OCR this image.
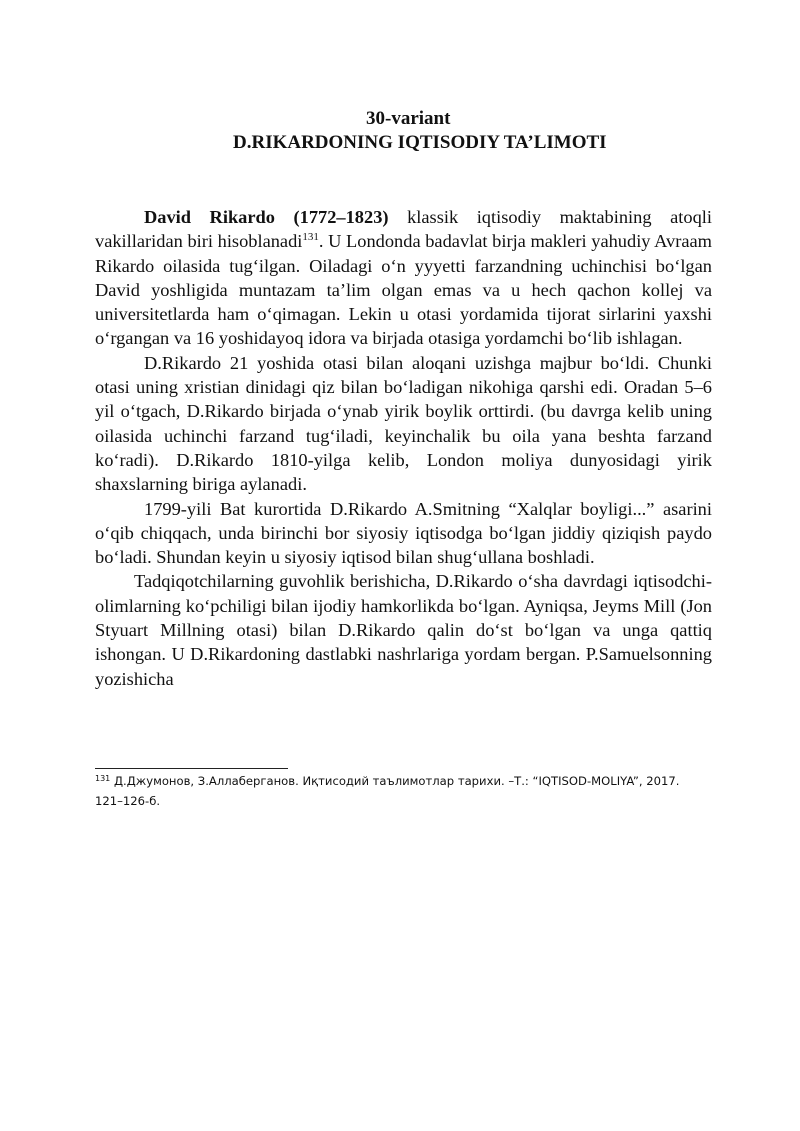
30-variant
D.RIKARDONING IQTISODIY TA’LIMOTI

David Rikardo (1772–1823) klassik iqtisodiy maktabining atoqli vakillaridan biri hisoblanadi$^{131}$. U Londonda badavlat birja makleri yahudiy Avraam Rikardo oilasida tug‘ilgan. Oiladagi o‘n yyyetti farzandning uchinchisi bo‘lgan David yoshligida muntazam ta’lim olgan emas va u hech qachon kollej va universitetlarda ham o‘qimagan. Lekin u otasi yordamida tijorat sirlarini yaxshi o‘rgangan va 16 yoshidayoq idora va birjada otasiga yordamchi bo‘lib ishlagan.

D.Rikardo 21 yoshida otasi bilan aloqani uzishga majbur bo‘ldi. Chunki otasi uning xristian dinidagi qiz bilan bo‘ladigan nikohiga qarshi edi. Oradan 5–6 yil o‘tgach, D.Rikardo birjada o‘ynab yirik boylik orttirdi. (bu davrga kelib uning oilasida uchinchi farzand tug‘iladi, keyinchalik bu oila yana beshta farzand ko‘radi). D.Rikardo 1810-yilga kelib, London moliya dunyosidagi yirik shaxslarning biriga aylanadi.

1799-yili Bat kurortida D.Rikardo A.Smitning “Xalqlar boyligi...” asarini o‘qib chiqqach, unda birinchi bor siyosiy iqtisodga bo‘lgan jiddiy qiziqish paydo bo‘ladi. Shundan keyin u siyosiy iqtisod bilan shug‘ullana boshladi.

Tadqiqotchilarning guvohlik berishicha, D.Rikardo o‘sha davrdagi iqtisodchi-olimlarning ko‘pchiligi bilan ijodiy hamkorlikda bo‘lgan. Ayniqsa, Jeyms Mill (Jon Styuart Millning otasi) bilan D.Rikardo qalin do‘st bo‘lgan va unga qattiq ishongan. U D.Rikardoning dastlabki nashrlariga yordam bergan. P.Samuelsonning yozishicha

$^{131}$ Д.Джумонов, З.Аллаберганов. Иқтисодий таълимотлар тарихи. –Т.: “IQTISOD-MOLIYA”, 2017. 121–126-б.
